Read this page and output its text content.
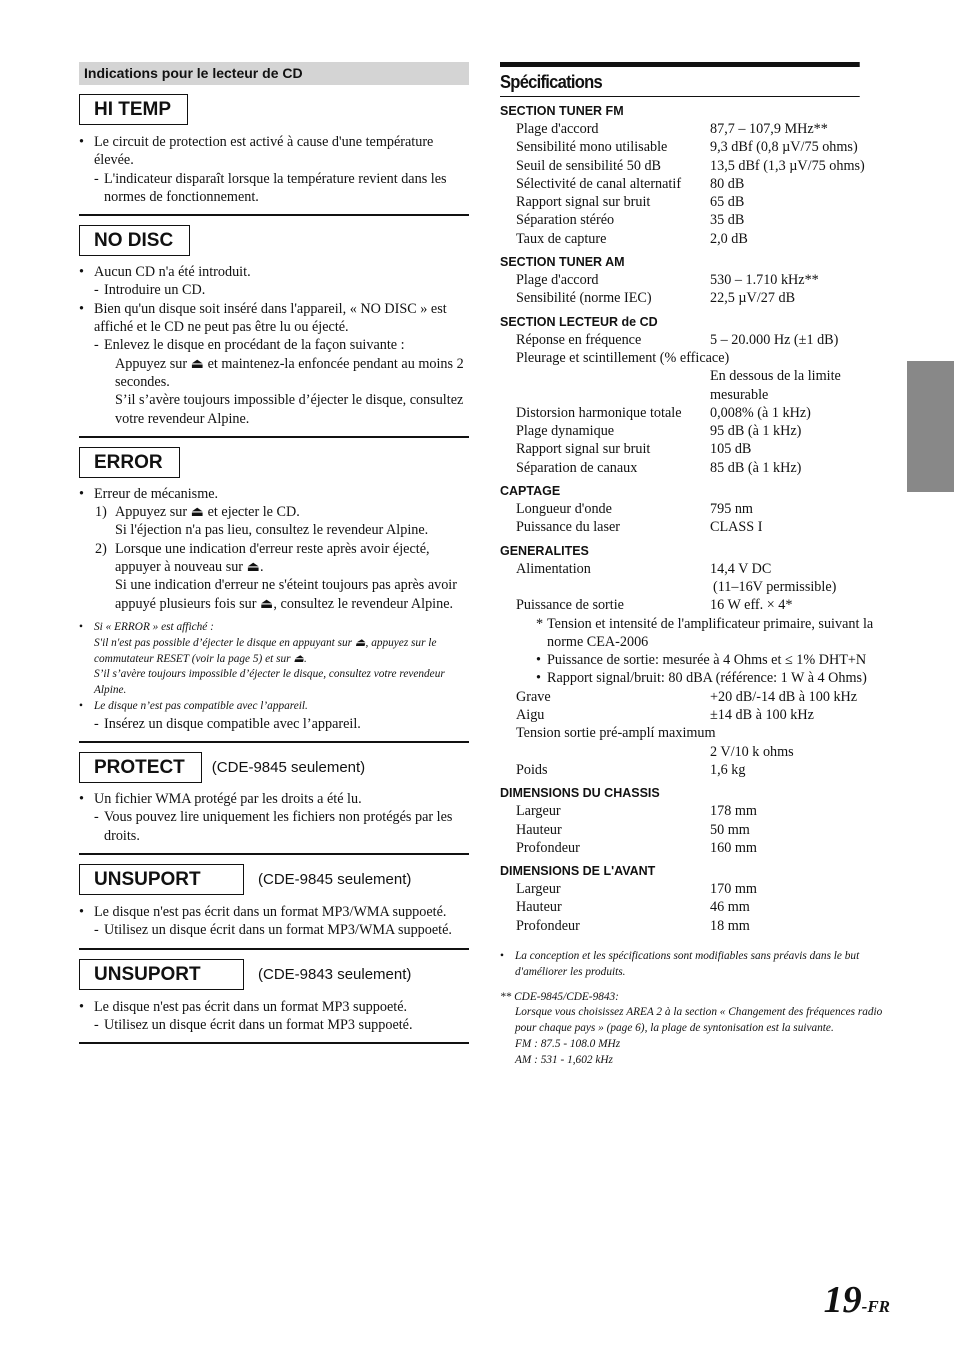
Indications pour le lecteur de CD
HI TEMP
• Le circuit de protection est activé à cause d'une température élevée.
- L'indicateur disparaît lorsque la température revient dans les normes de fonctionnement.
NO DISC
• Aucun CD n'a été introduit.
- Introduire un CD.
• Bien qu'un disque soit inséré dans l'appareil, « NO DISC » est affiché et le CD ne peut pas être lu ou éjecté.
- Enlevez le disque en procédant de la façon suivante :
Appuyez sur ⏏ et maintenez-la enfoncée pendant au moins 2 secondes.
S’il s’avère toujours impossible d’éjecter le disque, consultez votre revendeur Alpine.
ERROR
• Erreur de mécanisme.
1) Appuyez sur ⏏ et ejecter le CD.
Si l'éjection n'a pas lieu, consultez le revendeur Alpine.
2) Lorsque une indication d'erreur reste après avoir éjecté, appuyer à nouveau sur ⏏.
Si une indication d'erreur ne s'éteint toujours pas après avoir appuyé plusieurs fois sur ⏏, consultez le revendeur Alpine.
• Si « ERROR » est affiché :
S'il n'est pas possible d’éjecter le disque en appuyant sur ⏏, appuyez sur le commutateur RESET (voir la page 5) et sur ⏏.
S’il s’avère toujours impossible d’éjecter le disque, consultez votre revendeur Alpine.
• Le disque n’est pas compatible avec l’appareil.
- Insérez un disque compatible avec l’appareil.
PROTECT	(CDE-9845 seulement)
• Un fichier WMA protégé par les droits a été lu.
- Vous pouvez lire uniquement les fichiers non protégés par les droits.
UNSUPORT	(CDE-9845 seulement)
• Le disque n'est pas écrit dans un format MP3/WMA suppoeté.
- Utilisez un disque écrit dans un format MP3/WMA suppoeté.
UNSUPORT	(CDE-9843 seulement)
• Le disque n'est pas écrit dans un format MP3 suppoeté.
- Utilisez un disque écrit dans un format MP3 suppoeté.
Spécifications
SECTION TUNER FM
Plage d'accord	87,7 – 107,9 MHz**
Sensibilité mono utilisable	9,3 dBf (0,8 µV/75 ohms)
Seuil de sensibilité 50 dB	13,5 dBf (1,3 µV/75 ohms)
Sélectivité de canal alternatif	80 dB
Rapport signal sur bruit	65 dB
Séparation stéréo	35 dB
Taux de capture	2,0 dB
SECTION TUNER AM
Plage d'accord	530 – 1.710 kHz**
Sensibilité (norme IEC)	22,5 µV/27 dB
SECTION LECTEUR de CD
Réponse en fréquence	5 – 20.000 Hz (±1 dB)
Pleurage et scintillement (% efficace)
En dessous de la limite
mesurable
Distorsion harmonique totale	0,008% (à 1 kHz)
Plage dynamique	95 dB (à 1 kHz)
Rapport signal sur bruit	105 dB
Séparation de canaux	85 dB (à 1 kHz)
CAPTAGE
Longueur d'onde	795 nm
Puissance du laser	CLASS I
GENERALITES
Alimentation	14,4 V DC
(11–16V permissible)
Puissance de sortie	16 W eff. × 4*
* Tension et intensité de l'amplificateur primaire, suivant la norme CEA-2006
• Puissance de sortie: mesurée à 4 Ohms et ≤ 1% DHT+N
• Rapport signal/bruit: 80 dBA (référence: 1 W à 4 Ohms)
Grave	+20 dB/-14 dB à 100 kHz
Aigu	±14 dB à 100 kHz
Tension sortie pré-amplí maximum
2 V/10 k ohms
Poids	1,6 kg
DIMENSIONS DU CHASSIS
Largeur	178 mm
Hauteur	50 mm
Profondeur	160 mm
DIMENSIONS DE L'AVANT
Largeur	170 mm
Hauteur	46 mm
Profondeur	18 mm
• La conception et les spécifications sont modifiables sans préavis dans le but d'améliorer les produits.
** CDE-9845/CDE-9843:
Lorsque vous choisissez AREA 2 à la section « Changement des fréquences radio pour chaque pays » (page 6), la plage de syntonisation est la suivante.
FM : 87.5 - 108.0 MHz
AM : 531 - 1,602 kHz
19-FR
